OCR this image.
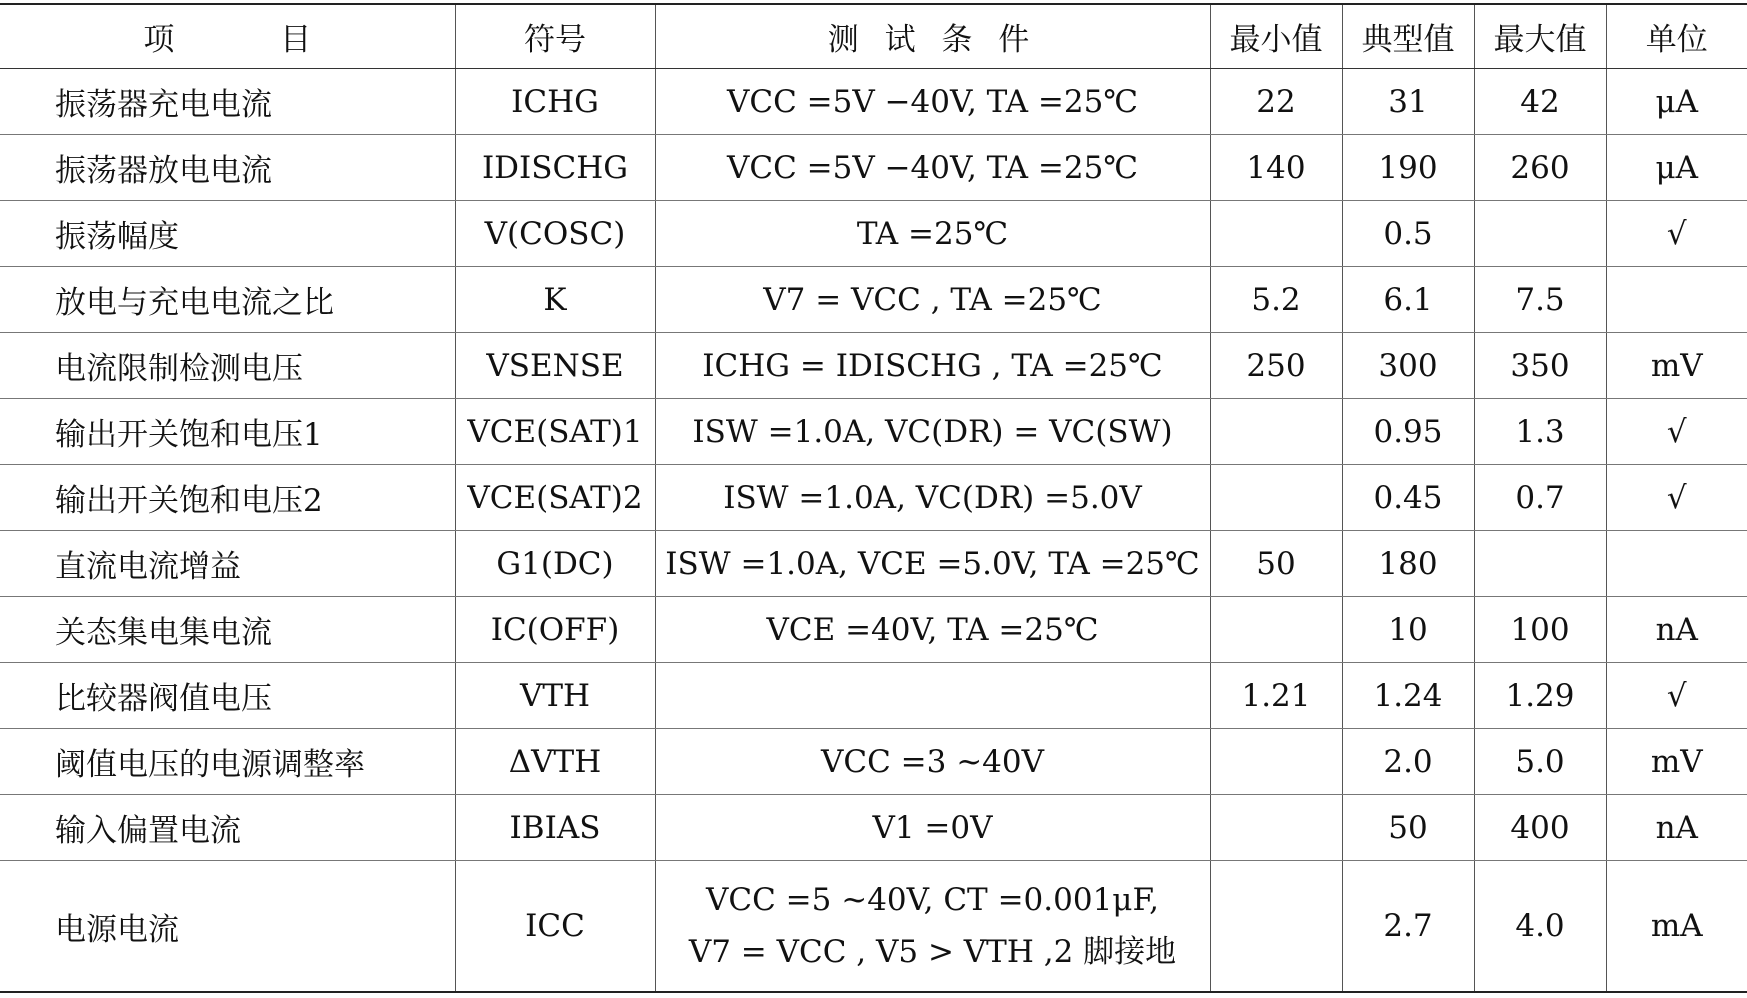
项 目	符号	测 试 条 件	最小值	典型值	最大值	单位
振荡器充电电流	ICHG	VCC =5V −40V, TA =25℃	22	31	42	μA
振荡器放电电流	IDISCHG	VCC =5V −40V, TA =25℃	140	190	260	μA
振荡幅度	V(COSC)	TA =25℃		0.5		√
放电与充电电流之比	K	V7 = VCC , TA =25℃	5.2	6.1	7.5	
电流限制检测电压	VSENSE	ICHG = IDISCHG , TA =25℃	250	300	350	mV
输出开关饱和电压1	VCE(SAT)1	ISW =1.0A, VC(DR) = VC(SW)		0.95	1.3	√
输出开关饱和电压2	VCE(SAT)2	ISW =1.0A, VC(DR) =5.0V		0.45	0.7	√
直流电流增益	G1(DC)	ISW =1.0A, VCE =5.0V, TA =25℃	50	180		
关态集电集电流	IC(OFF)	VCE =40V, TA =25℃		10	100	nA
比较器阀值电压	VTH		1.21	1.24	1.29	√
阈值电压的电源调整率	ΔVTH	VCC =3 ~40V		2.0	5.0	mV
输入偏置电流	IBIAS	V1 =0V		50	400	nA
电源电流	ICC	VCC =5 ~40V, CT =0.001μF,
V7 = VCC , V5 > VTH ,2 脚接地		2.7	4.0	mA
